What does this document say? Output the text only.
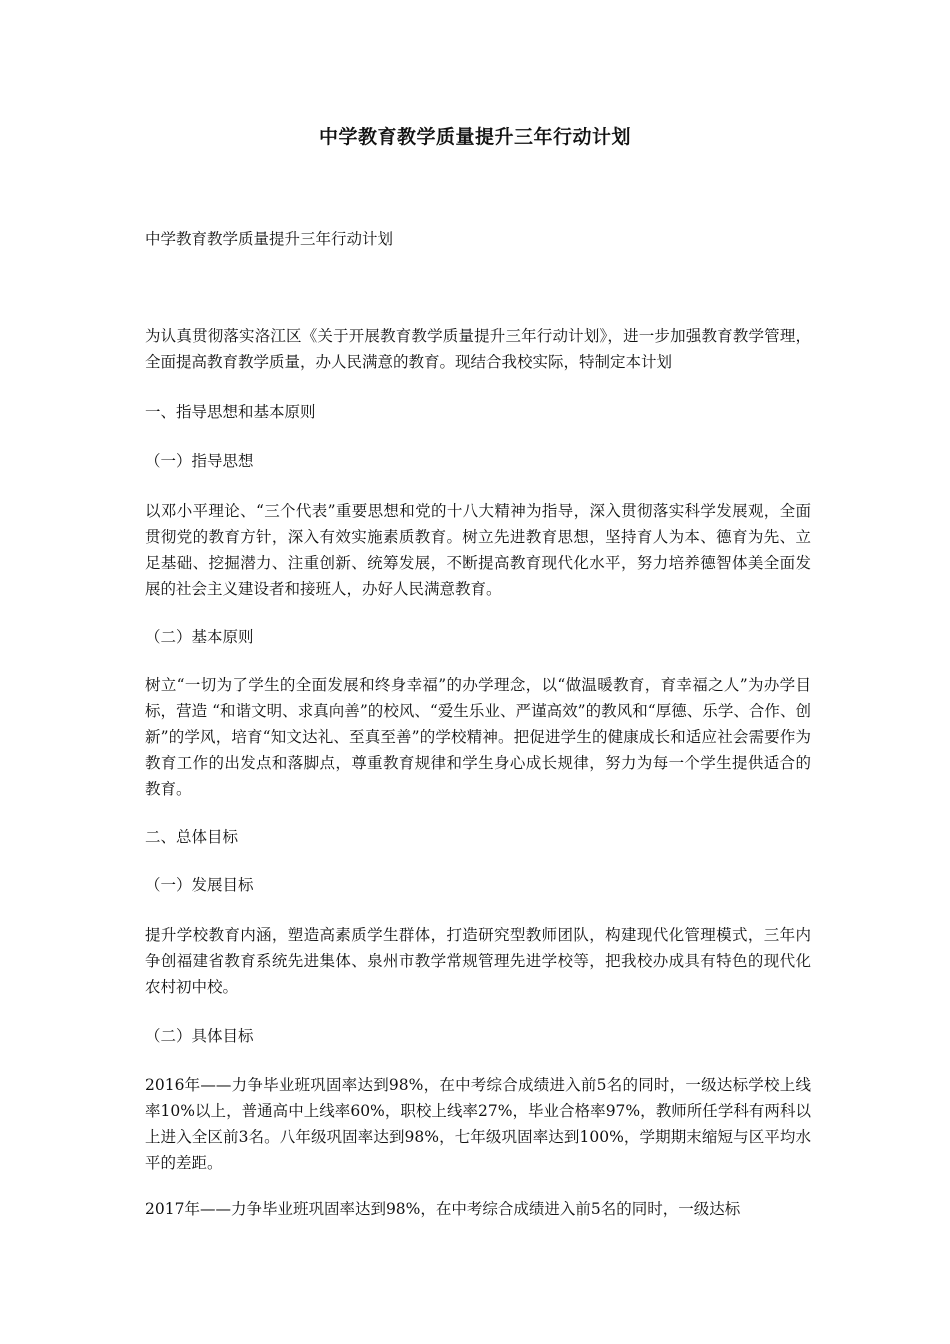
中学教育教学质量提升三年行动计划
中学教育教学质量提升三年行动计划
为认真贯彻落实洛江区《关于开展教育教学质量提升三年行动计划》，进一步加强教育教学管理，全面提高教育教学质量，办人民满意的教育。现结合我校实际，特制定本计划
一、指导思想和基本原则
（一）指导思想
以邓小平理论、“三个代表”重要思想和党的十八大精神为指导，深入贯彻落实科学发展观，全面贯彻党的教育方针，深入有效实施素质教育。树立先进教育思想，坚持育人为本、德育为先、立足基础、挖掘潜力、注重创新、统筹发展，不断提高教育现代化水平，努力培养德智体美全面发展的社会主义建设者和接班人，办好人民满意教育。
（二）基本原则
树立“一切为了学生的全面发展和终身幸福”的办学理念，以“做温暖教育，育幸福之人”为办学目标，营造 “和谐文明、求真向善”的校风、“爱生乐业、严谨高效”的教风和“厚德、乐学、合作、创新”的学风，培育“知文达礼、至真至善”的学校精神。把促进学生的健康成长和适应社会需要作为教育工作的出发点和落脚点，尊重教育规律和学生身心成长规律，努力为每一个学生提供适合的教育。
二、总体目标
（一）发展目标
提升学校教育内涵，塑造高素质学生群体，打造研究型教师团队，构建现代化管理模式，三年内争创福建省教育系统先进集体、泉州市教学常规管理先进学校等，把我校办成具有特色的现代化农村初中校。
（二）具体目标
2016年——力争毕业班巩固率达到98%，在中考综合成绩进入前5名的同时，一级达标学校上线率10%以上，普通高中上线率60%，职校上线率27%，毕业合格率97%，教师所任学科有两科以上进入全区前3名。八年级巩固率达到98%，七年级巩固率达到100%，学期期末缩短与区平均水平的差距。
2017年——力争毕业班巩固率达到98%，在中考综合成绩进入前5名的同时，一级达标
